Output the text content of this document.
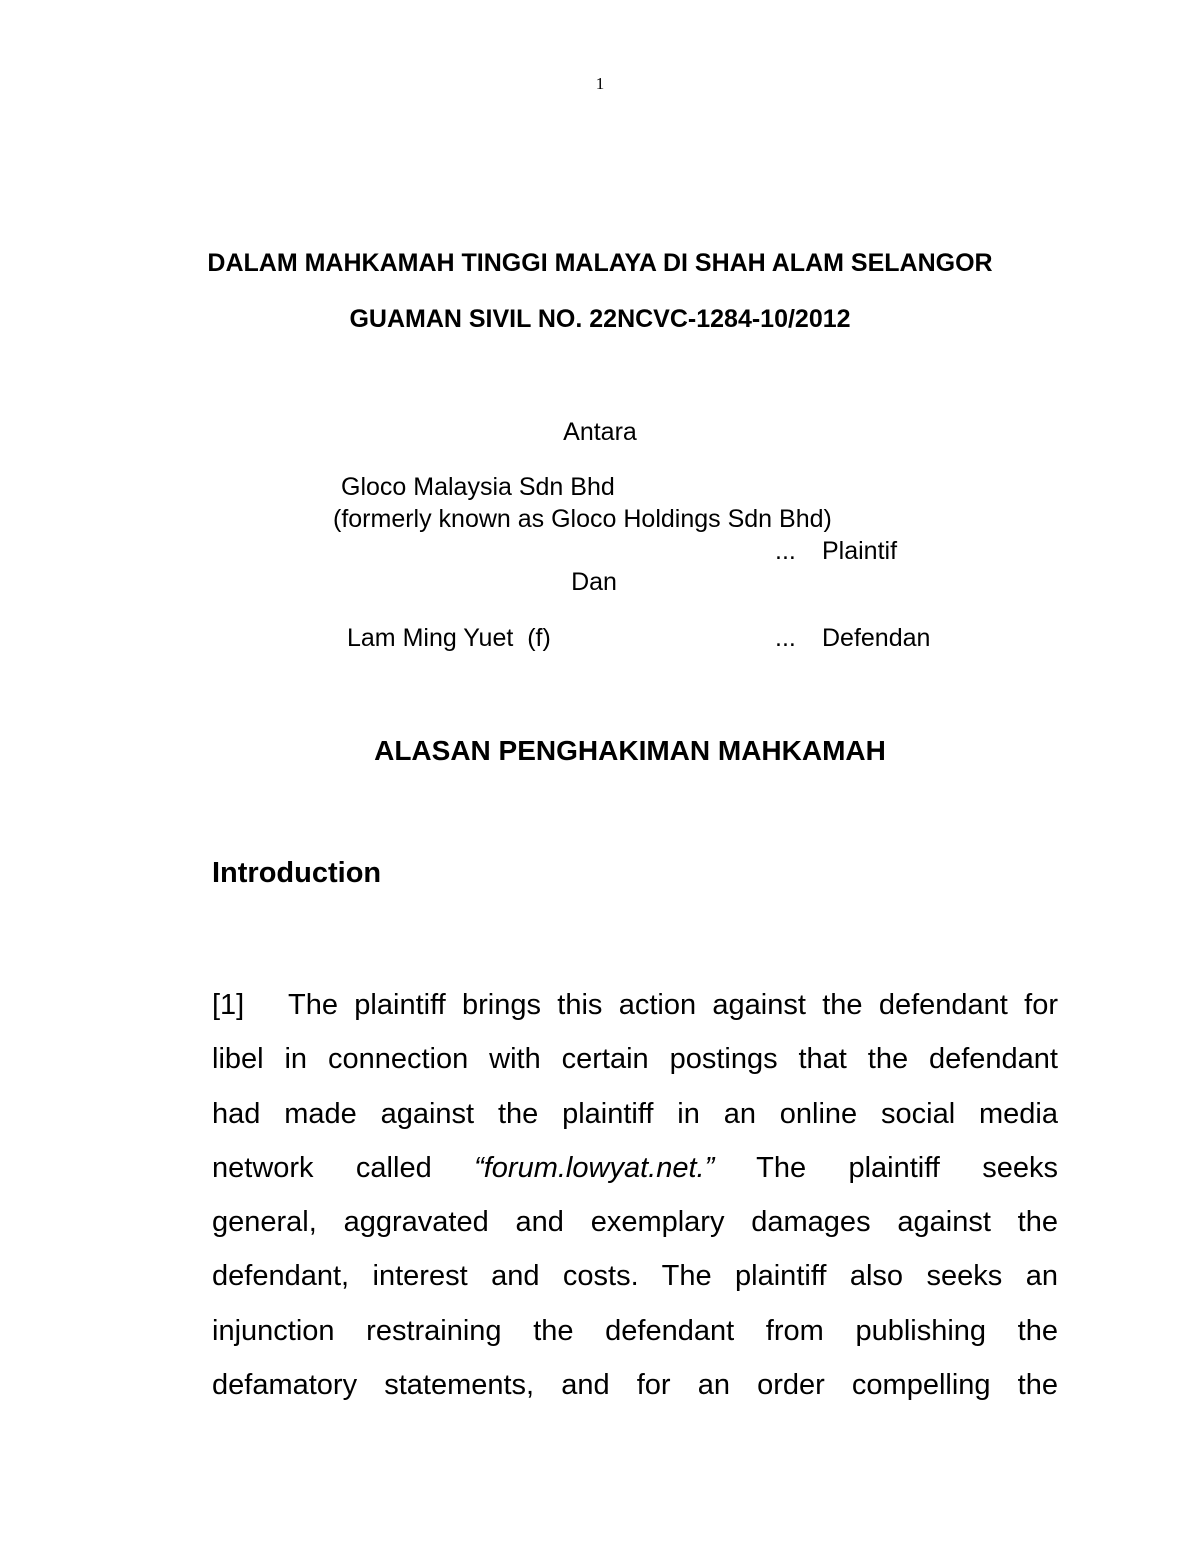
1
DALAM MAHKAMAH TINGGI MALAYA DI SHAH ALAM SELANGOR
GUAMAN SIVIL NO. 22NCVC-1284-10/2012
Antara
Gloco Malaysia Sdn Bhd
(formerly known as Gloco Holdings Sdn Bhd)
... Plaintif
Dan
Lam Ming Yuet  (f)	... Defendan
ALASAN PENGHAKIMAN MAHKAMAH
Introduction
[1] The plaintiff brings this action against the defendant for
libel in connection with certain postings that the defendant
had made against the plaintiff in an online social media
network called “forum.lowyat.net.” The plaintiff seeks
general, aggravated and exemplary damages against the
defendant, interest and costs. The plaintiff also seeks an
injunction restraining the defendant from publishing the
defamatory statements, and for an order compelling the
